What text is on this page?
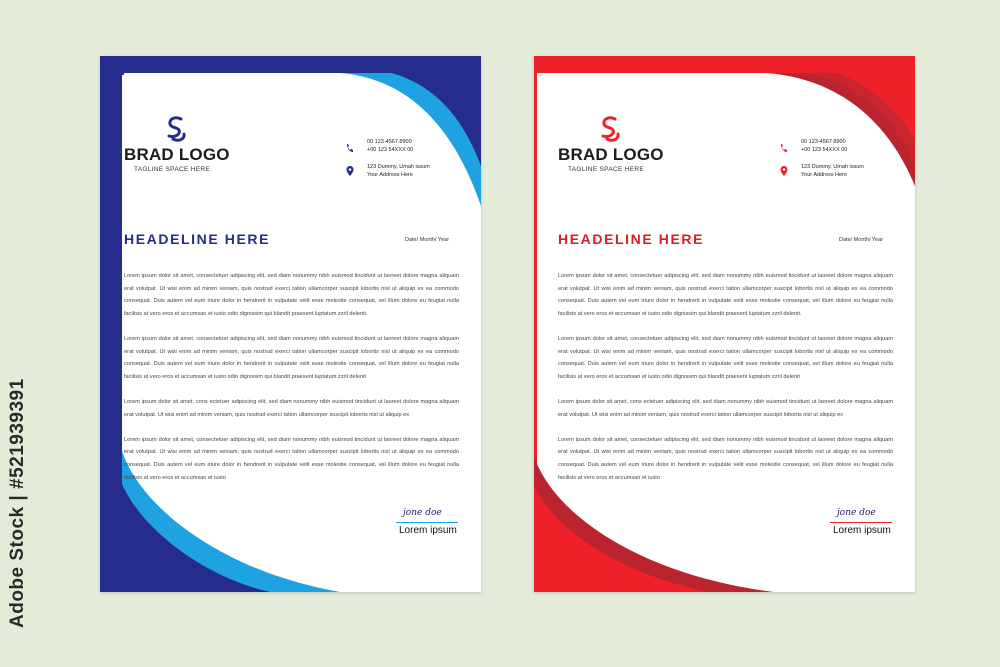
Adobe Stock | #521939391
BRAD LOGO
TAGLINE SPACE HERE
00 123-4567 8900
+00 123 54XXX 00
123 Dummy, Umah issum
Your Address Here
HEADELINE HERE	Date/ Month/ Year

Lorem ipsum dolor sit amet, consectetuer adipiscing elit, sed diam nonummy nibh euismod tincidunt ut laoreet dolore magna aliquam erat volutpat. Ut wisi enim ad minim veniam, quis nostrud exerci tation ullamcorper suscipit lobortis nisl ut aliquip ex ea commodo consequat. Duis autem vel eum iriure dolor in hendrerit in vulputate velit esse molestie consequat, vel illum dolore eu feugiat nulla facilisis at vero eros et accumsan et iusto odio dignissim qui blandit praesent luptatum zzril delenit.

Lorem ipsum dolor sit amet, consectetuer adipiscing elit, sed diam nonummy nibh euismod tincidunt ut laoreet dolore magna aliquam erat volutpat. Ut wisi enim ad minim veniam, quis nostrud exerci tation ullamcorper suscipit lobortis nisl ut aliquip ex ea commodo consequat. Duis autem vel eum iriure dolor in hendrerit in vulputate velit esse molestie consequat, vel illum dolore eu feugiat nulla facilisis at vero eros et accumsan et iusto odio dignissim qui blandit praesent luptatum zzril delenit

Lorem ipsum dolor sit amet, cons ectetuer adipiscing elit, sed diam nonummy nibh euismod tincidunt ut laoreet dolore magna aliquam erat volutpat. Ut wisi enim ad minim veniam, quis nostrud exerci tation ullamcorper suscipit lobortis nisl ut aliquip ex

Lorem ipsum dolor sit amet, consectetuer adipiscing elit, sed diam nonummy nibh euismod tincidunt ut laoreet dolore magna aliquam erat volutpat. Ut wisi enim ad minim veniam, quis nostrud exerci tation ullamcorper suscipit lobortis nisl ut aliquip ex ea commodo consequat. Duis autem vel eum iriure dolor in hendrerit in vulputate velit esse molestie consequat, vel illum dolore eu feugiat nulla facilisis at vero eros et accumsan et iusto

jone doe
Lorem ipsum
BRAD LOGO
TAGLINE SPACE HERE
00 123-4567 8900
+00 123 54XXX 00
123 Dummy, Umah issum
Your Address Here
HEADELINE HERE	Date/ Month/ Year

Lorem ipsum dolor sit amet, consectetuer adipiscing elit, sed diam nonummy nibh euismod tincidunt ut laoreet dolore magna aliquam erat volutpat. Ut wisi enim ad minim veniam, quis nostrud exerci tation ullamcorper suscipit lobortis nisl ut aliquip ex ea commodo consequat. Duis autem vel eum iriure dolor in hendrerit in vulputate velit esse molestie consequat, vel illum dolore eu feugiat nulla facilisis at vero eros et accumsan et iusto odio dignissim qui blandit praesent luptatum zzril delenit.

Lorem ipsum dolor sit amet, consectetuer adipiscing elit, sed diam nonummy nibh euismod tincidunt ut laoreet dolore magna aliquam erat volutpat. Ut wisi enim ad minim veniam, quis nostrud exerci tation ullamcorper suscipit lobortis nisl ut aliquip ex ea commodo consequat. Duis autem vel eum iriure dolor in hendrerit in vulputate velit esse molestie consequat, vel illum dolore eu feugiat nulla facilisis at vero eros et accumsan et iusto odio dignissim qui blandit praesent luptatum zzril delenit

Lorem ipsum dolor sit amet, cons ectetuer adipiscing elit, sed diam nonummy nibh euismod tincidunt ut laoreet dolore magna aliquam erat volutpat. Ut wisi enim ad minim veniam, quis nostrud exerci tation ullamcorper suscipit lobortis nisl ut aliquip ex

Lorem ipsum dolor sit amet, consectetuer adipiscing elit, sed diam nonummy nibh euismod tincidunt ut laoreet dolore magna aliquam erat volutpat. Ut wisi enim ad minim veniam, quis nostrud exerci tation ullamcorper suscipit lobortis nisl ut aliquip ex ea commodo consequat. Duis autem vel eum iriure dolor in hendrerit in vulputate velit esse molestie consequat, vel illum dolore eu feugiat nulla facilisis at vero eros et accumsan et iusto

jone doe
Lorem ipsum
